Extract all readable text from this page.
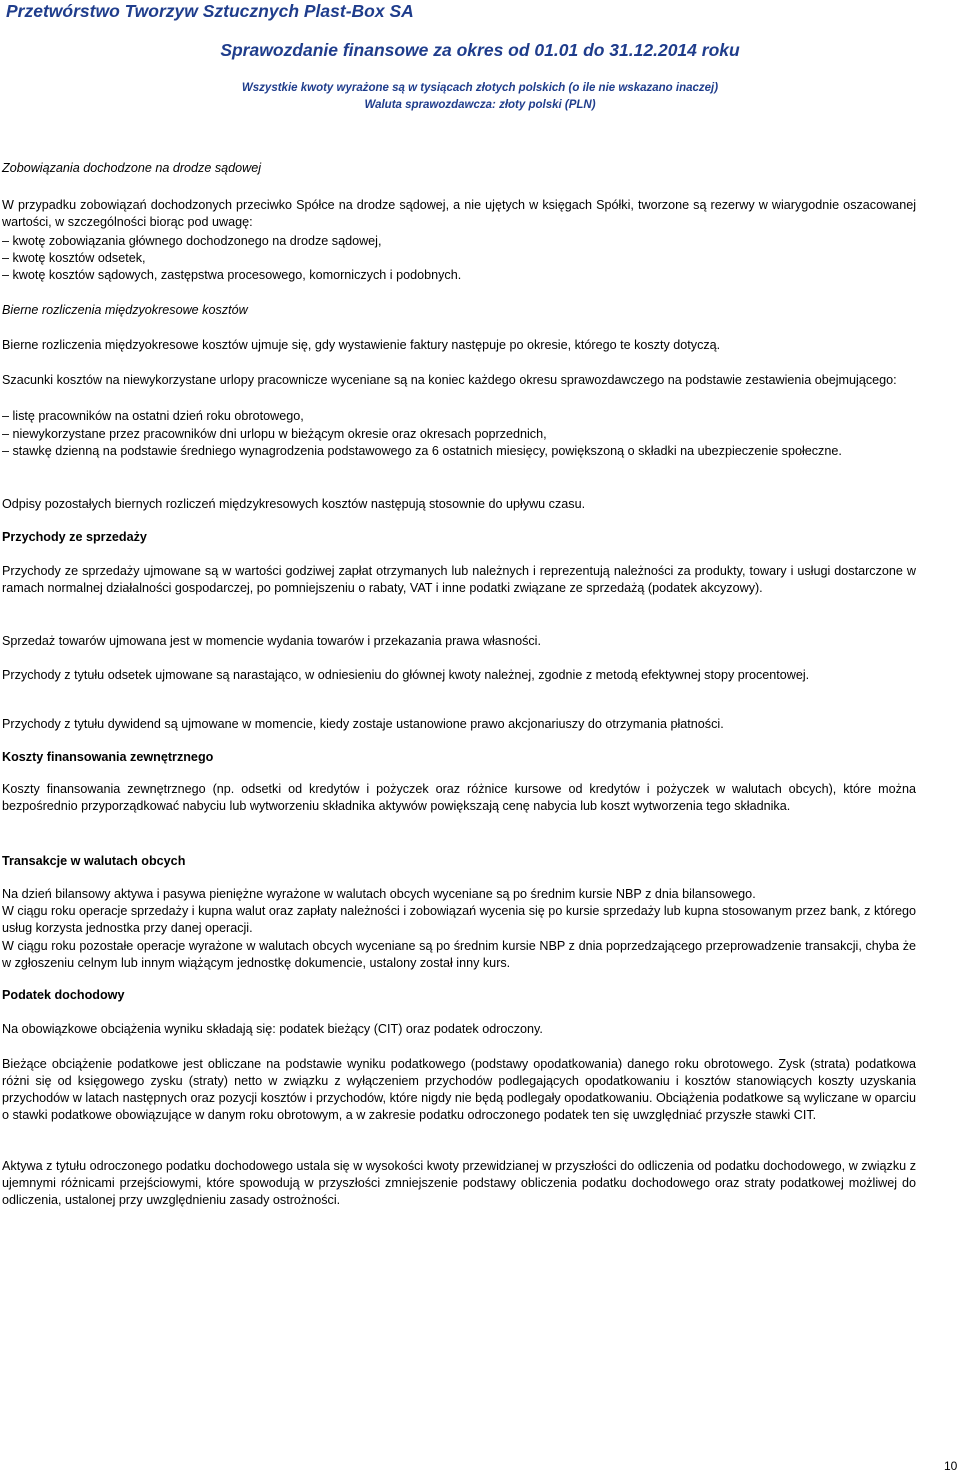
Przetwórstwo Tworzyw Sztucznych Plast-Box SA
Sprawozdanie finansowe za okres od 01.01 do 31.12.2014 roku

Wszystkie kwoty wyrażone są w tysiącach złotych polskich (o ile nie wskazano inaczej)

Waluta sprawozdawcza: złoty polski (PLN)

Zobowiązania dochodzone na drodze sądowej

W przypadku zobowiązań dochodzonych przeciwko Spółce na drodze sądowej, a nie ujętych w księgach Spółki, tworzone są rezerwy w wiarygodnie oszacowanej wartości, w szczególności biorąc pod uwagę:

– kwotę zobowiązania głównego dochodzonego na drodze sądowej,

– kwotę kosztów odsetek,

– kwotę kosztów sądowych, zastępstwa procesowego, komorniczych i podobnych.

Bierne rozliczenia międzyokresowe kosztów

Bierne rozliczenia międzyokresowe kosztów ujmuje się, gdy wystawienie faktury następuje po okresie, którego te koszty dotyczą.

Szacunki kosztów na niewykorzystane urlopy pracownicze wyceniane są na koniec każdego okresu sprawozdawczego na podstawie zestawienia obejmującego:

– listę pracowników na ostatni dzień roku obrotowego,

– niewykorzystane przez pracowników dni urlopu w bieżącym okresie oraz okresach poprzednich,

– stawkę dzienną na podstawie średniego wynagrodzenia podstawowego za 6 ostatnich miesięcy, powiększoną o składki na ubezpieczenie społeczne.

Odpisy pozostałych biernych rozliczeń międzykresowych kosztów następują stosownie do upływu czasu.

Przychody ze sprzedaży

Przychody ze sprzedaży ujmowane są w wartości godziwej zapłat otrzymanych lub należnych i reprezentują należności za produkty, towary i usługi dostarczone w ramach normalnej działalności gospodarczej, po pomniejszeniu o rabaty, VAT i inne podatki związane ze sprzedażą (podatek akcyzowy).

Sprzedaż towarów ujmowana jest w momencie wydania towarów i przekazania prawa własności.

Przychody z tytułu odsetek ujmowane są narastająco, w odniesieniu do głównej kwoty należnej, zgodnie z metodą efektywnej stopy procentowej.

Przychody z tytułu dywidend są ujmowane w momencie, kiedy zostaje ustanowione prawo akcjonariuszy do otrzymania płatności.

Koszty finansowania zewnętrznego

Koszty finansowania zewnętrznego (np. odsetki od kredytów i pożyczek oraz różnice kursowe od kredytów i pożyczek w walutach obcych), które można bezpośrednio przyporządkować nabyciu lub wytworzeniu składnika aktywów powiększają cenę nabycia lub koszt wytworzenia tego składnika.

Transakcje w walutach obcych

Na dzień bilansowy aktywa i pasywa pieniężne wyrażone w walutach obcych wyceniane są po średnim kursie NBP z dnia bilansowego.

W ciągu roku operacje sprzedaży i kupna walut oraz zapłaty należności i zobowiązań wycenia się po kursie sprzedaży lub kupna stosowanym przez bank, z którego usług korzysta jednostka przy danej operacji.

W ciągu roku pozostałe operacje wyrażone w walutach obcych wyceniane są po średnim kursie NBP z dnia poprzedzającego przeprowadzenie transakcji, chyba że w zgłoszeniu celnym lub innym wiążącym jednostkę dokumencie, ustalony został inny kurs.

Podatek dochodowy

Na obowiązkowe obciążenia wyniku składają się: podatek bieżący (CIT) oraz podatek odroczony.

Bieżące obciążenie podatkowe jest obliczane na podstawie wyniku podatkowego (podstawy opodatkowania) danego roku obrotowego. Zysk (strata) podatkowa różni się od księgowego zysku (straty) netto w związku z wyłączeniem przychodów podlegających opodatkowaniu i kosztów stanowiących koszty uzyskania przychodów w latach następnych oraz pozycji kosztów i przychodów, które nigdy nie będą podlegały opodatkowaniu. Obciążenia podatkowe są wyliczane w oparciu o stawki podatkowe obowiązujące w danym roku obrotowym, a w zakresie podatku odroczonego podatek ten się uwzględniać przyszłe stawki CIT.

Aktywa z tytułu odroczonego podatku dochodowego ustala się w wysokości kwoty przewidzianej w przyszłości do odliczenia od podatku dochodowego, w związku z ujemnymi różnicami przejściowymi, które spowodują w przyszłości zmniejszenie podstawy obliczenia podatku dochodowego oraz straty podatkowej możliwej do odliczenia, ustalonej przy uwzględnieniu zasady ostrożności.

10
